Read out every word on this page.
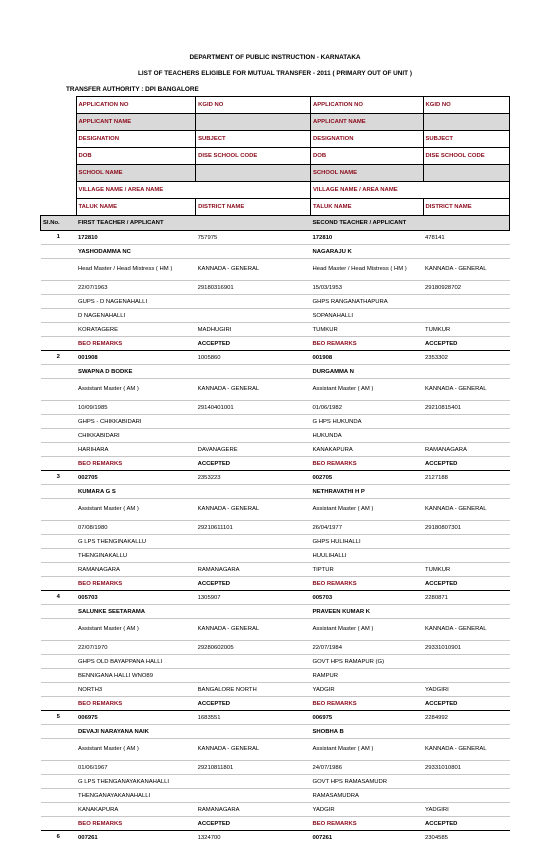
DEPARTMENT OF PUBLIC INSTRUCTION - KARNATAKA
LIST OF TEACHERS ELIGIBLE FOR MUTUAL TRANSFER - 2011 ( PRIMARY OUT OF UNIT )
TRANSFER AUTHORITY : DPI BANGALORE
	APPLICATION NO	KGID NO	APPLICATION NO	KGID NO
	APPLICANT NAME		APPLICANT NAME	
	DESIGNATION	SUBJECT	DESIGNATION	SUBJECT
	DOB	DISE SCHOOL CODE	DOB	DISE SCHOOL CODE
	SCHOOL NAME		SCHOOL NAME	
	VILLAGE NAME / AREA NAME		VILLAGE NAME / AREA NAME	
	TALUK NAME	DISTRICT NAME	TALUK NAME	DISTRICT NAME
Sl.No.	FIRST TEACHER / APPLICANT		SECOND TEACHER / APPLICANT	
1	172810	757975	172810	478141
	YASHODAMMA NC		NAGARAJU K	
	Head Master / Head Mistress ( HM )	KANNADA - GENERAL	Head Master / Head Mistress ( HM )	KANNADA - GENERAL
	22/07/1963	29180316901	15/03/1953	29180928702
	GUPS - D NAGENAHALLI		GHPS RANGANATHAPURA	
	D NAGENAHALLI		SOPANAHALLI	
	KORATAGERE	MADHUGIRI	TUMKUR	TUMKUR
	BEO REMARKS	ACCEPTED	BEO REMARKS	ACCEPTED
2	001908	1005860	001908	2353302
	SWAPNA D BODKE		DURGAMMA N	
	Assistant Master ( AM )	KANNADA - GENERAL	Assistant Master ( AM )	KANNADA - GENERAL
	10/09/1985	29140401001	01/06/1982	29210815401
	GHPS - CHIKKABIDARI		G HPS HUKUNDA	
	CHIKKABIDARI		HUKUNDA	
	HARIHARA	DAVANAGERE	KANAKAPURA	RAMANAGARA
	BEO REMARKS	ACCEPTED	BEO REMARKS	ACCEPTED
3	002705	2353223	002705	2127188
	KUMARA G S		NETHRAVATHI H P	
	Assistant Master ( AM )	KANNADA - GENERAL	Assistant Master ( AM )	KANNADA - GENERAL
	07/08/1980	29210611101	26/04/1977	29180807301
	G LPS THENGINAKALLU		GHPS HULIHALLI	
	THENGINAKALLU		HUULIHALLI	
	RAMANAGARA	RAMANAGARA	TIPTUR	TUMKUR
	BEO REMARKS	ACCEPTED	BEO REMARKS	ACCEPTED
4	005703	1305907	005703	2280871
	SALUNKE SEETARAMA		PRAVEEN KUMAR K	
	Assistant Master ( AM )	KANNADA - GENERAL	Assistant Master ( AM )	KANNADA - GENERAL
	22/07/1970	29280602005	22/07/1984	29331010901
	GHPS OLD BAYAPPANA HALLI		GOVT HPS RAMAPUR (G)	
	BENNIGANA HALLI WNO89		RAMPUR	
	NORTH3	BANGALORE NORTH	YADGIR	YADGIRI
	BEO REMARKS	ACCEPTED	BEO REMARKS	ACCEPTED
5	006975	1683551	006975	2284992
	DEVAJI NARAYANA NAIK		SHOBHA B	
	Assistant Master ( AM )	KANNADA - GENERAL	Assistant Master ( AM )	KANNADA - GENERAL
	01/06/1967	29210811801	24/07/1986	29331010801
	G LPS THENGANAYAKANAHALLI		GOVT HPS RAMASAMUDR	
	THENGANAYAKANAHALLI		RAMASAMUDRA	
	KANAKAPURA	RAMANAGARA	YADGIR	YADGIRI
	BEO REMARKS	ACCEPTED	BEO REMARKS	ACCEPTED
6	007261	1324700	007261	2304585
